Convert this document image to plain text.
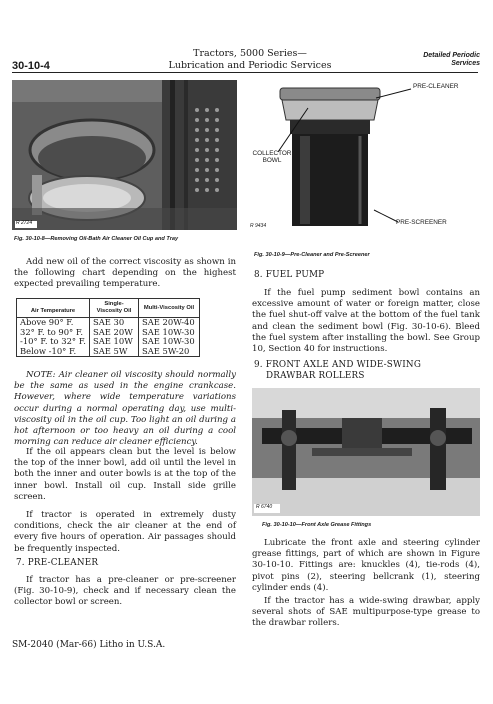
30-10-4
Tractors, 5000 Series—
Lubrication and Periodic Services
Detailed Periodic
Services
R 2724
Fig. 30-10-8—Removing Oil-Bath Air Cleaner Oil Cup and Tray
Add new oil of the correct viscosity as shown in the following chart depending on the highest expected prevailing temperature.
Air Temperature	Single-Viscosity Oil	Multi-Viscosity Oil
Above 90° F.	SAE 30	SAE 20W-40
32° F. to 90° F.	SAE 20W	SAE 10W-30
-10° F. to 32° F.	SAE 10W	SAE 10W-30
Below -10° F.	SAE 5W	SAE 5W-20
NOTE: Air cleaner oil viscosity should normally be the same as used in the engine crankcase. However, where wide temperature variations occur during a normal operating day, use multi-viscosity oil in the oil cup. Too light an oil during a hot afternoon or too heavy an oil during a cool morning can reduce air cleaner efficiency.
If the oil appears clean but the level is below the top of the inner bowl, add oil until the level in both the inner and outer bowls is at the top of the inner bowl. Install oil cup. Install side grille screen.
If tractor is operated in extremely dusty conditions, check the air cleaner at the end of every five hours of operation. Air passages should be frequently inspected.
7. PRE-CLEANER
If tractor has a pre-cleaner or pre-screener (Fig. 30-10-9), check and if necessary clean the collector bowl or screen.
PRE-CLEANER
COLLECTOR
BOWL
PRE-SCREENER
R 9434
Fig. 30-10-9—Pre-Cleaner and Pre-Screener
8. FUEL PUMP
If the fuel pump sediment bowl contains an excessive amount of water or foreign matter, close the fuel shut-off valve at the bottom of the fuel tank and clean the sediment bowl (Fig. 30-10-6). Bleed the fuel system after installing the bowl. See Group 10, Section 40 for instructions.
9. FRONT AXLE AND WIDE-SWING
DRAWBAR ROLLERS
R 6740
Fig. 30-10-10—Front Axle Grease Fittings
Lubricate the front axle and steering cylinder grease fittings, part of which are shown in Figure 30-10-10. Fittings are: knuckles (4), tie-rods (4), pivot pins (2), steering bellcrank (1), steering cylinder ends (4).
If the tractor has a wide-swing drawbar, apply several shots of SAE multipurpose-type grease to the drawbar rollers.
SM-2040 (Mar-66) Litho in U.S.A.
